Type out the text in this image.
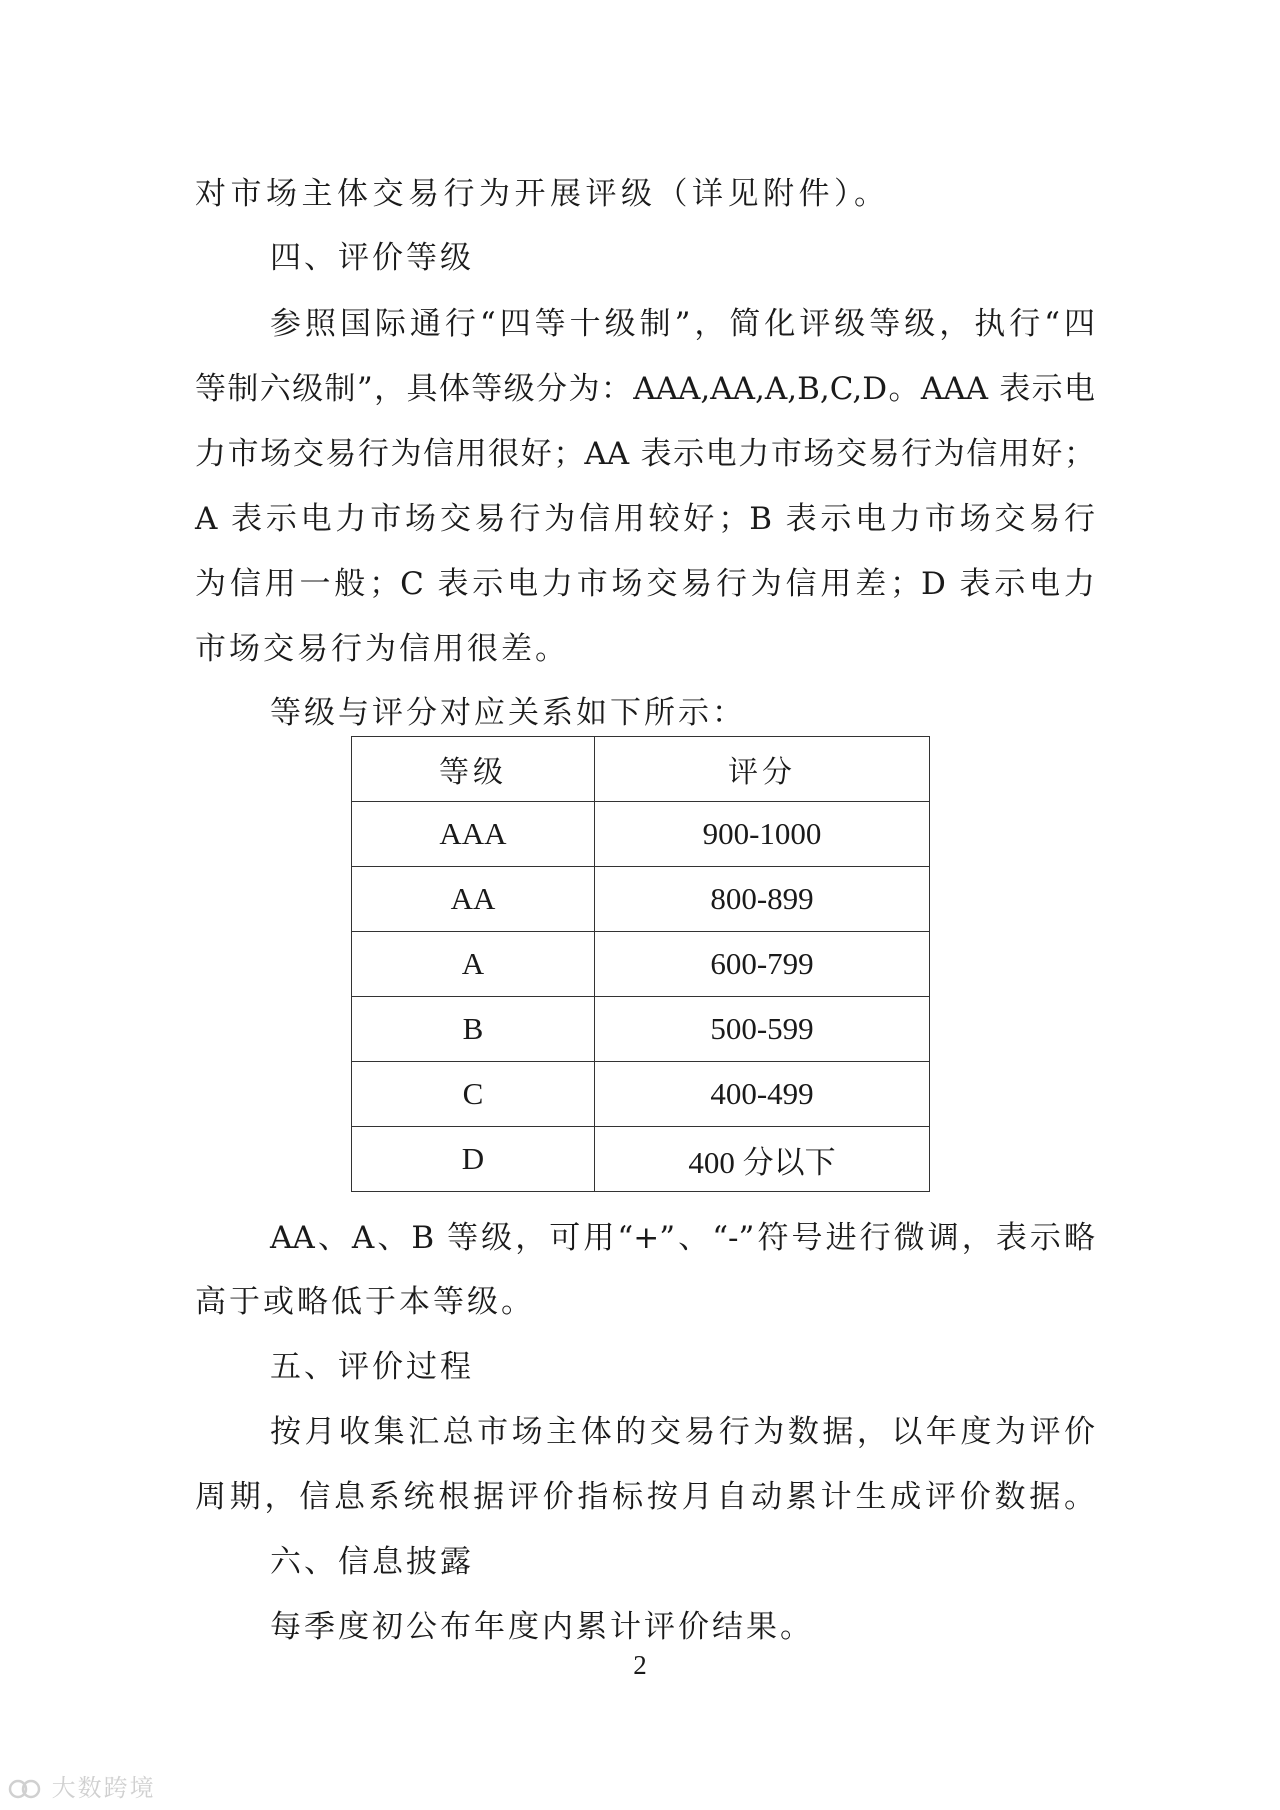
对市场主体交易行为开展评级（详见附件）。
四、评价等级
参照国际通行“四等十级制”，简化评级等级，执行“四
等制六级制”，具体等级分为：AAA,AA,A,B,C,D。AAA 表示电
力市场交易行为信用很好；AA 表示电力市场交易行为信用好；
A 表示电力市场交易行为信用较好；B 表示电力市场交易行
为信用一般；C 表示电力市场交易行为信用差；D 表示电力
市场交易行为信用很差。
等级与评分对应关系如下所示：
等级	评分
AAA	900-1000
AA	800-899
A	600-799
B	500-599
C	400-499
D	400 分以下
AA、A、B 等级，可用“+”、“-”符号进行微调，表示略
高于或略低于本等级。
五、评价过程
按月收集汇总市场主体的交易行为数据，以年度为评价
周期，信息系统根据评价指标按月自动累计生成评价数据。
六、信息披露
每季度初公布年度内累计评价结果。
2
大数跨境
